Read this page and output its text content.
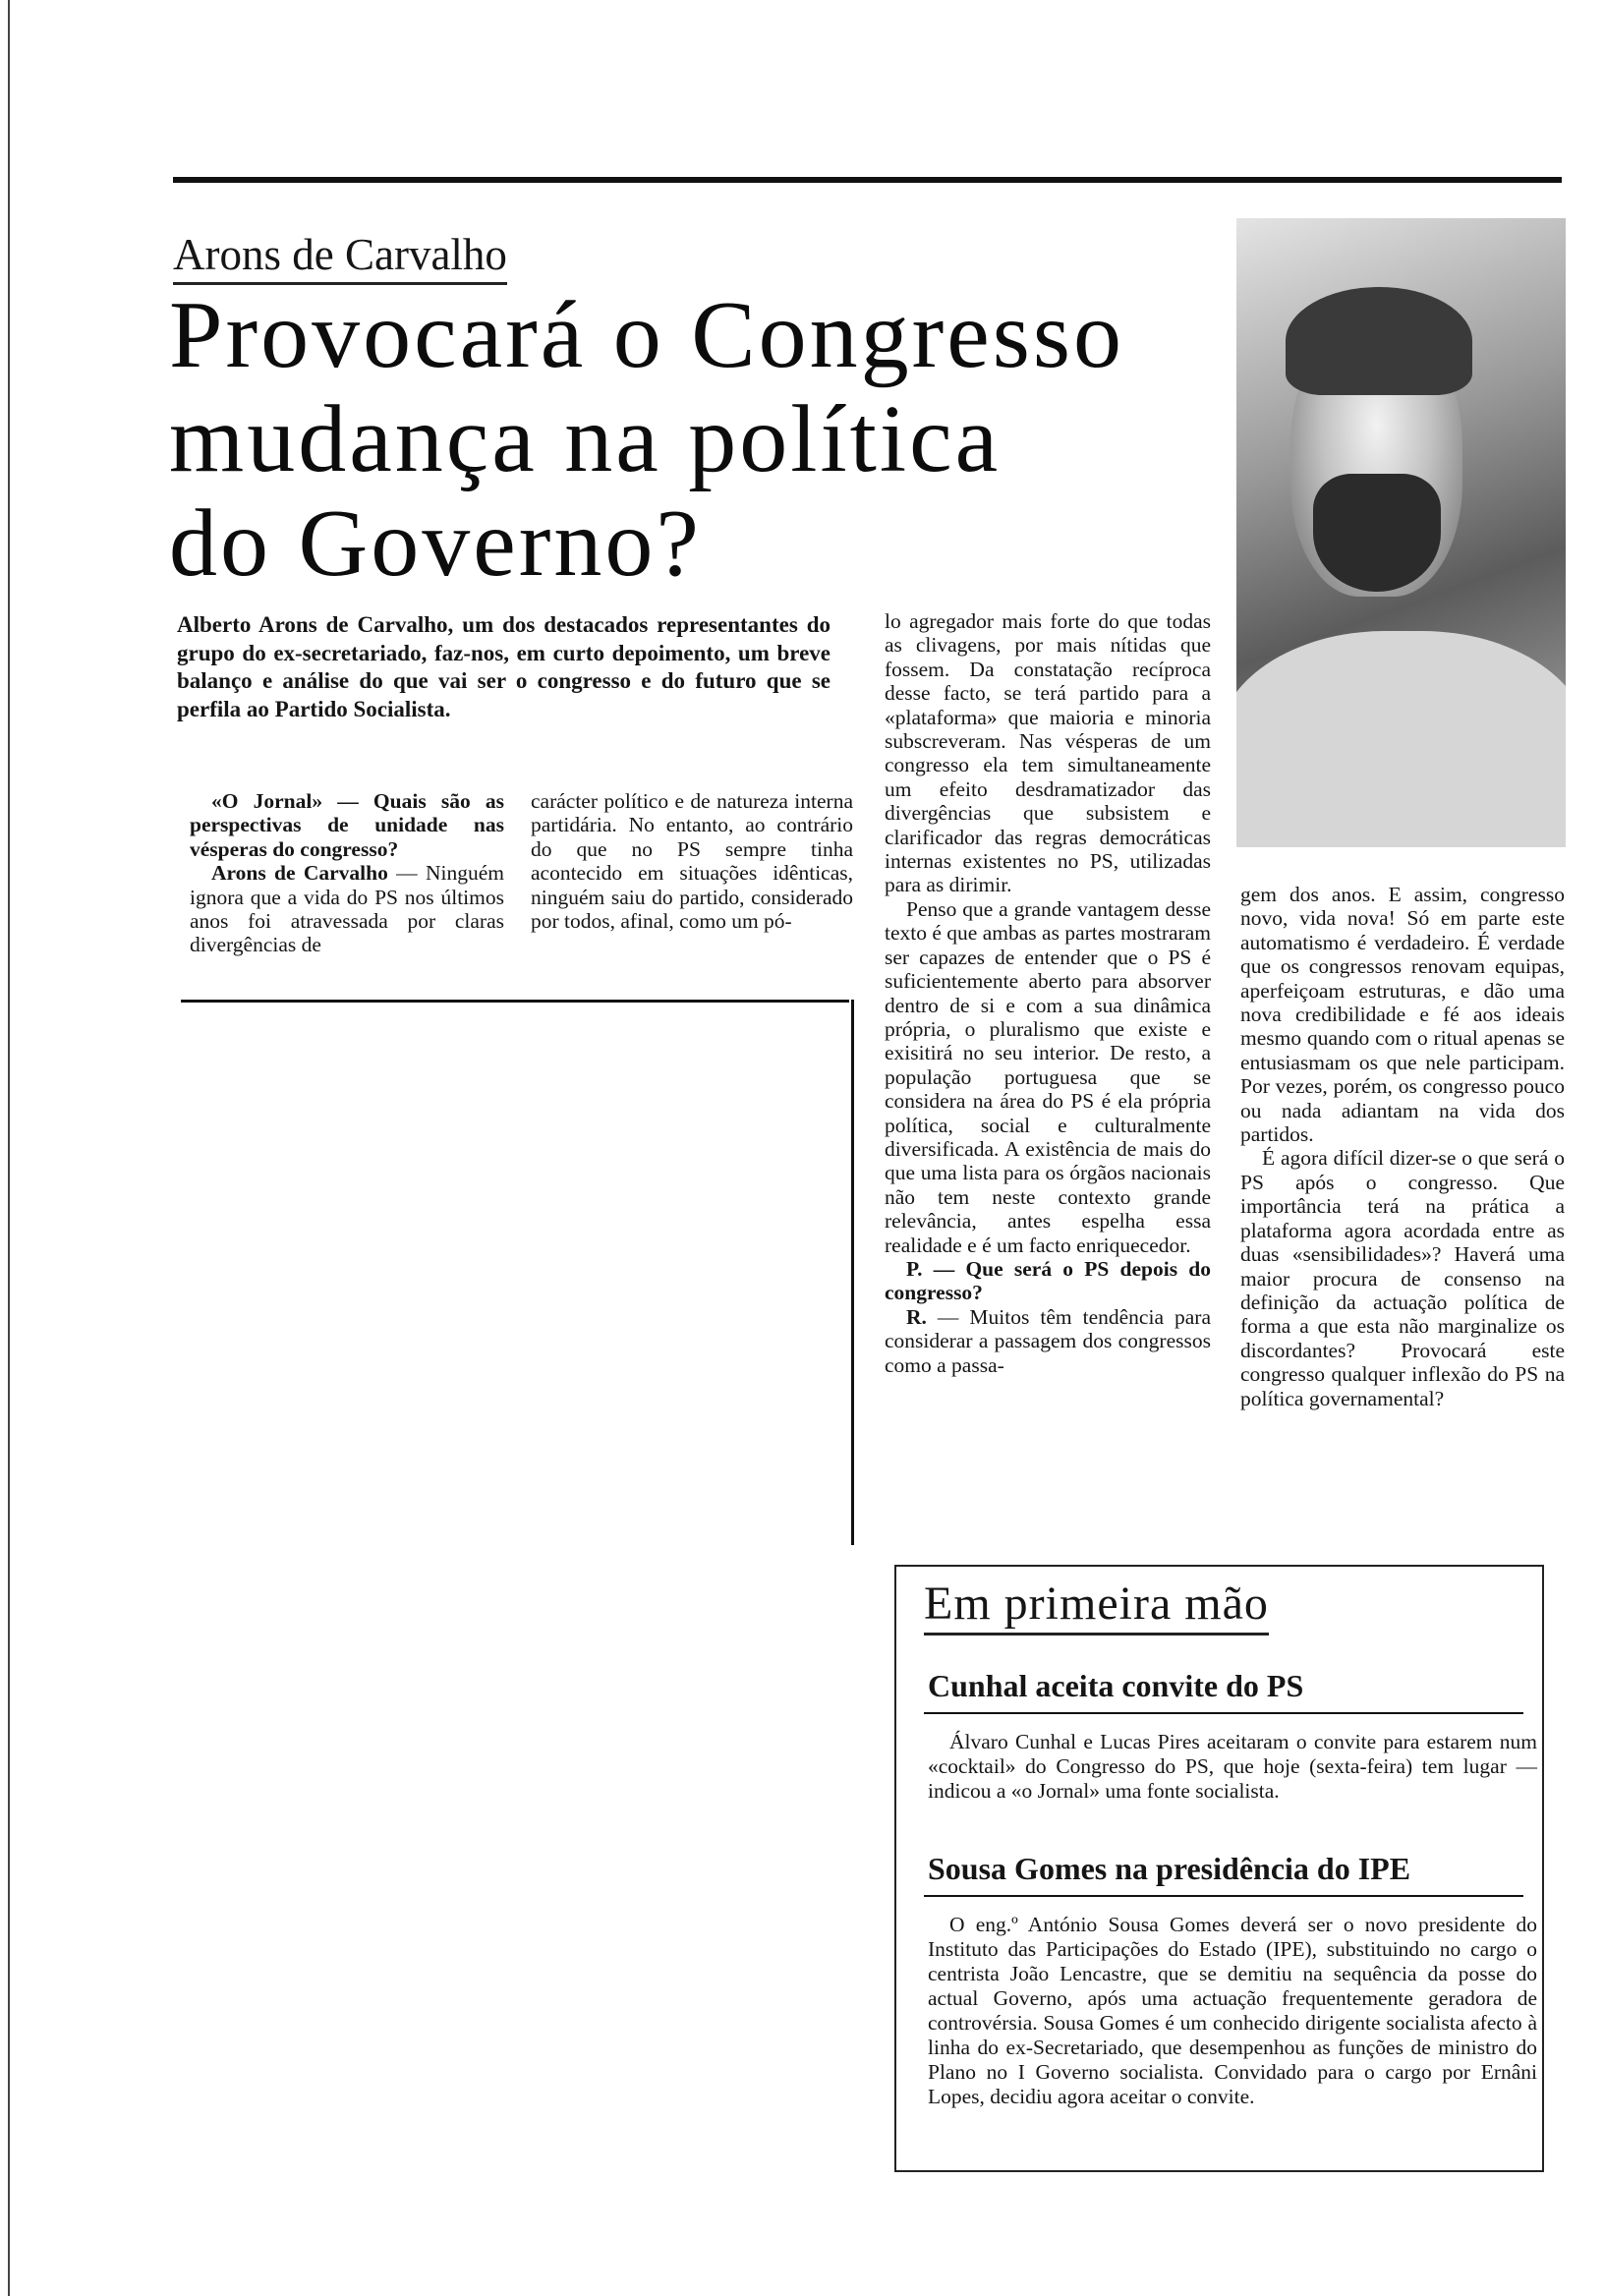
Arons de Carvalho
Provocará o Congresso
mudança na política
do Governo?
Alberto Arons de Carvalho, um dos destacados representantes do grupo do ex-secretariado, faz-nos, em curto depoimento, um breve balanço e análise do que vai ser o congresso e do futuro que se perfila ao Partido Socialista.

«O Jornal» — Quais são as perspectivas de unidade nas vésperas do congresso?

Arons de Carvalho — Ninguém ignora que a vida do PS nos últimos anos foi atravessada por claras divergências de

carácter político e de natureza interna partidária. No entanto, ao contrário do que no PS sempre tinha acontecido em situações idênticas, ninguém saiu do partido, considerado por todos, afinal, como um pó-

lo agregador mais forte do que todas as clivagens, por mais nítidas que fossem. Da constatação recíproca desse facto, se terá partido para a «plataforma» que maioria e minoria subscreveram. Nas vésperas de um congresso ela tem simultaneamente um efeito desdramatizador das divergências que subsistem e clarificador das regras democráticas internas existentes no PS, utilizadas para as dirimir.

Penso que a grande vantagem desse texto é que ambas as partes mostraram ser capazes de entender que o PS é suficientemente aberto para absorver dentro de si e com a sua dinâmica própria, o pluralismo que existe e exisitirá no seu interior. De resto, a população portuguesa que se considera na área do PS é ela própria política, social e culturalmente diversificada. A existência de mais do que uma lista para os órgãos nacionais não tem neste contexto grande relevância, antes espelha essa realidade e é um facto enriquecedor.

P. — Que será o PS depois do congresso?

R. — Muitos têm tendência para considerar a passagem dos congressos como a passa-

gem dos anos. E assim, congresso novo, vida nova! Só em parte este automatismo é verdadeiro. É verdade que os congressos renovam equipas, aperfeiçoam estruturas, e dão uma nova credibilidade e fé aos ideais mesmo quando com o ritual apenas se entusiasmam os que nele participam. Por vezes, porém, os congresso pouco ou nada adiantam na vida dos partidos.

É agora difícil dizer-se o que será o PS após o congresso. Que importância terá na prática a plataforma agora acordada entre as duas «sensibilidades»? Haverá uma maior procura de consenso na definição da actuação política de forma a que esta não marginalize os discordantes? Provocará este congresso qualquer inflexão do PS na política governamental?

Em primeira mão
Cunhal aceita convite do PS

Álvaro Cunhal e Lucas Pires aceitaram o convite para estarem num «cocktail» do Congresso do PS, que hoje (sexta-feira) tem lugar — indicou a «o Jornal» uma fonte socialista.

Sousa Gomes na presidência do IPE

O eng.º António Sousa Gomes deverá ser o novo presidente do Instituto das Participações do Estado (IPE), substituindo no cargo o centrista João Lencastre, que se demitiu na sequência da posse do actual Governo, após uma actuação frequentemente geradora de controvérsia. Sousa Gomes é um conhecido dirigente socialista afecto à linha do ex-Secretariado, que desempenhou as funções de ministro do Plano no I Governo socialista. Convidado para o cargo por Ernâni Lopes, decidiu agora aceitar o convite.
